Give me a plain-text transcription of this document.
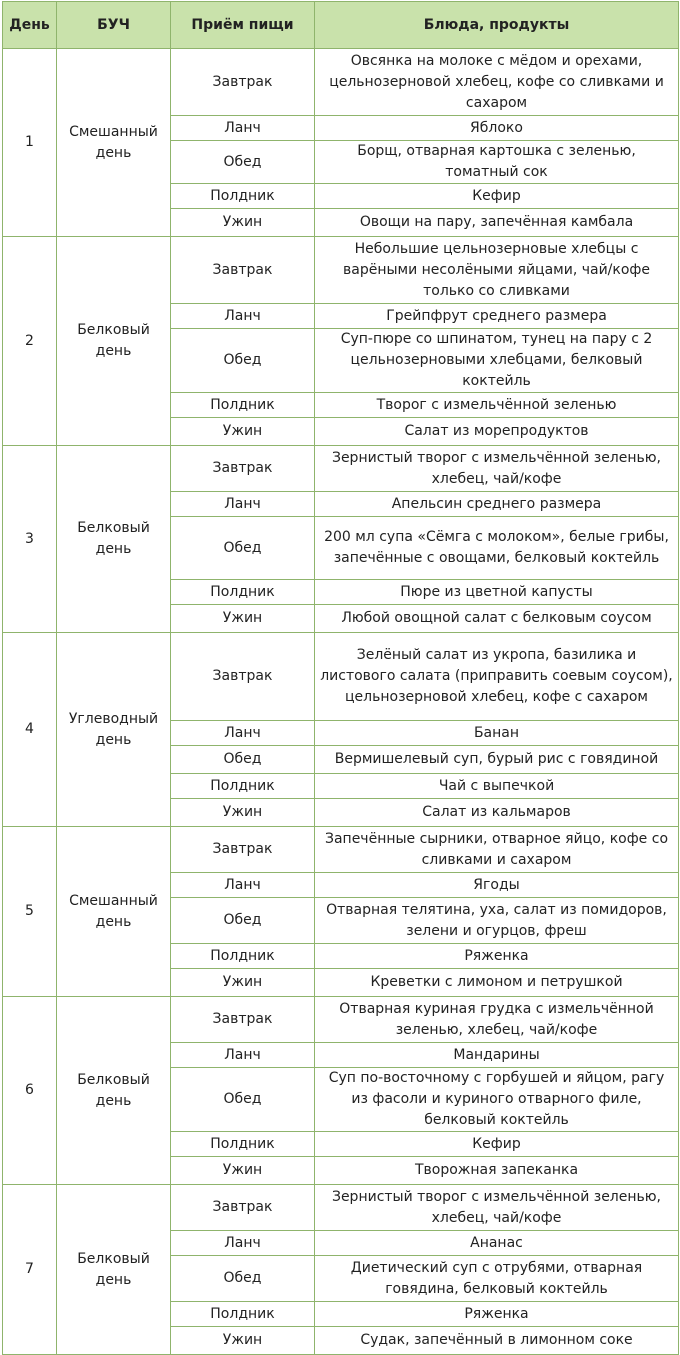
День	БУЧ	Приём пищи	Блюда, продукты
1	Смешанный день	Завтрак	Овсянка на молоке с мёдом и орехами, цельнозерновой хлебец, кофе со сливками и сахаром
		Ланч	Яблоко
		Обед	Борщ, отварная картошка с зеленью, томатный сок
		Полдник	Кефир
		Ужин	Овощи на пару, запечённая камбала
2	Белковый день	Завтрак	Небольшие цельнозерновые хлебцы с варёными несолёными яйцами, чай/кофе только со сливками
		Ланч	Грейпфрут среднего размера
		Обед	Суп-пюре со шпинатом, тунец на пару с 2 цельнозерновыми хлебцами, белковый коктейль
		Полдник	Творог с измельчённой зеленью
		Ужин	Салат из морепродуктов
3	Белковый день	Завтрак	Зернистый творог с измельчённой зеленью, хлебец, чай/кофе
		Ланч	Апельсин среднего размера
		Обед	200 мл супа «Сёмга с молоком», белые грибы, запечённые с овощами, белковый коктейль
		Полдник	Пюре из цветной капусты
		Ужин	Любой овощной салат с белковым соусом
4	Углеводный день	Завтрак	Зелёный салат из укропа, базилика и листового салата (приправить соевым соусом), цельнозерновой хлебец, кофе с сахаром
		Ланч	Банан
		Обед	Вермишелевый суп, бурый рис с говядиной
		Полдник	Чай с выпечкой
		Ужин	Салат из кальмаров
5	Смешанный день	Завтрак	Запечённые сырники, отварное яйцо, кофе со сливками и сахаром
		Ланч	Ягоды
		Обед	Отварная телятина, уха, салат из помидоров, зелени и огурцов, фреш
		Полдник	Ряженка
		Ужин	Креветки с лимоном и петрушкой
6	Белковый день	Завтрак	Отварная куриная грудка с измельчённой зеленью, хлебец, чай/кофе
		Ланч	Мандарины
		Обед	Суп по-восточному с горбушей и яйцом, рагу из фасоли и куриного отварного филе, белковый коктейль
		Полдник	Кефир
		Ужин	Творожная запеканка
7	Белковый день	Завтрак	Зернистый творог с измельчённой зеленью, хлебец, чай/кофе
		Ланч	Ананас
		Обед	Диетический суп с отрубями, отварная говядина, белковый коктейль
		Полдник	Ряженка
		Ужин	Судак, запечённый в лимонном соке
